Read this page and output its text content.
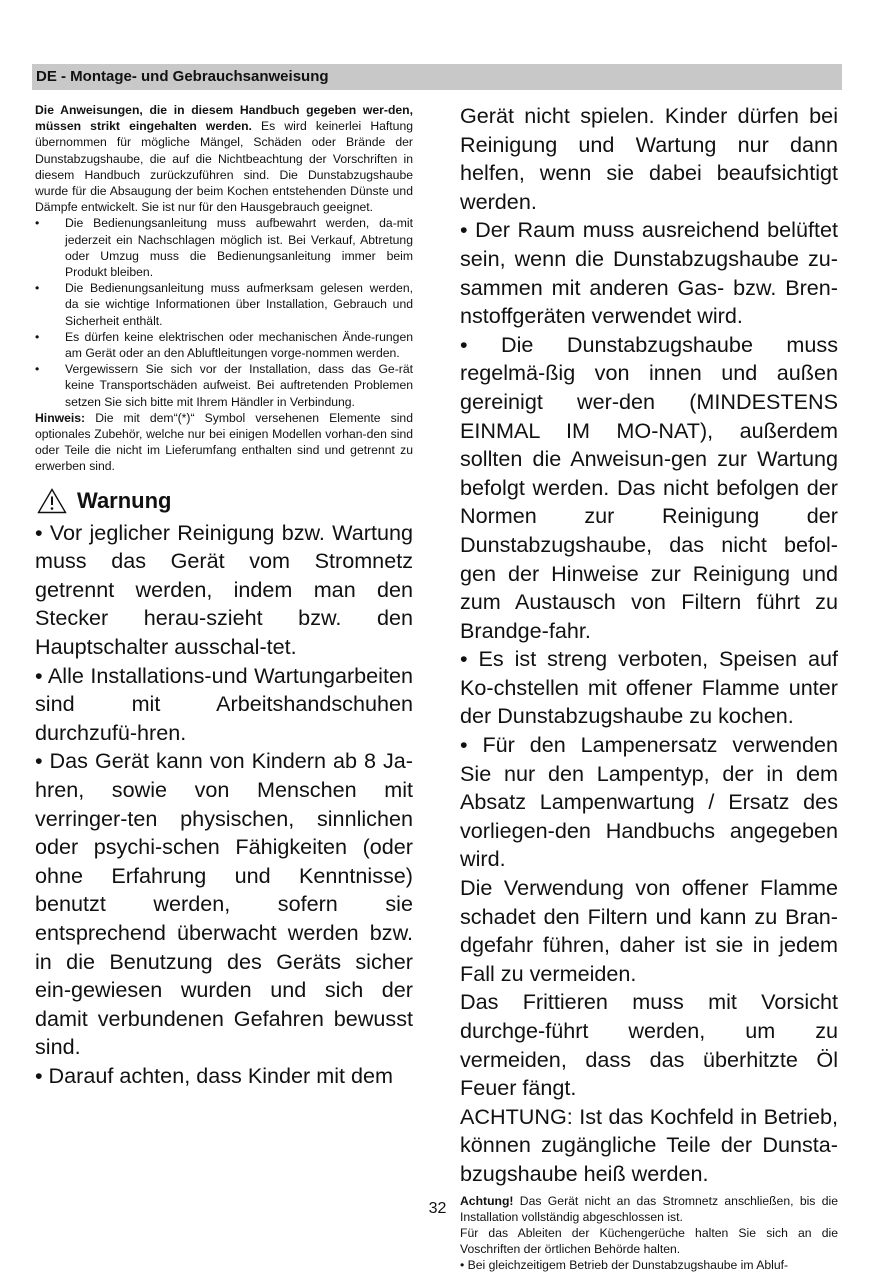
DE - Montage- und Gebrauchsanweisung

Die Anweisungen, die in diesem Handbuch gegeben wer-den, müssen strikt eingehalten werden. Es wird keinerlei Haftung übernommen für mögliche Mängel, Schäden oder Brände der Dunstabzugshaube, die auf die Nichtbeachtung der Vorschriften in diesem Handbuch zurückzuführen sind. Die Dunstabzugshaube wurde für die Absaugung der beim Kochen entstehenden Dünste und Dämpfe entwickelt. Sie ist nur für den Hausgebrauch geeignet.

• Die Bedienungsanleitung muss aufbewahrt werden, da-mit jederzeit ein Nachschlagen möglich ist. Bei Verkauf, Abtretung oder Umzug muss die Bedienungsanleitung immer beim Produkt bleiben.
• Die Bedienungsanleitung muss aufmerksam gelesen werden, da sie wichtige Informationen über Installation, Gebrauch und Sicherheit enthält.
• Es dürfen keine elektrischen oder mechanischen Ände-rungen am Gerät oder an den Abluftleitungen vorge-nommen werden.
• Vergewissern Sie sich vor der Installation, dass das Ge-rät keine Transportschäden aufweist. Bei auftretenden Problemen setzen Sie sich bitte mit Ihrem Händler in Verbindung.

Hinweis: Die mit dem“(*)“ Symbol versehenen Elemente sind optionales Zubehör, welche nur bei einigen Modellen vorhan-den sind oder Teile die nicht im Lieferumfang enthalten sind und getrennt zu erwerben sind.

Warnung

• Vor jeglicher Reinigung bzw. Wartung muss das Gerät vom Stromnetz getrennt werden, indem man den Stecker herau-szieht bzw. den Hauptschalter ausschal-tet.

• Alle Installations-und Wartungarbeiten sind mit Arbeitshandschuhen durchzufü-hren.

• Das Gerät kann von Kindern ab 8 Ja-hren, sowie von Menschen mit verringer-ten physischen, sinnlichen oder psychi-schen Fähigkeiten (oder ohne Erfahrung und Kenntnisse) benutzt werden, sofern sie entsprechend überwacht werden bzw. in die Benutzung des Geräts sicher ein-gewiesen wurden und sich der damit verbundenen Gefahren bewusst sind.

• Darauf achten, dass Kinder mit dem

Gerät nicht spielen. Kinder dürfen bei Reinigung und Wartung nur dann helfen, wenn sie dabei beaufsichtigt werden.

• Der Raum muss ausreichend belüftet sein, wenn die Dunstabzugshaube zu-sammen mit anderen Gas- bzw. Bren-nstoffgeräten verwendet wird.

• Die Dunstabzugshaube muss regelmä-ßig von innen und außen gereinigt wer-den (MINDESTENS EINMAL IM MO-NAT), außerdem sollten die Anweisun-gen zur Wartung befolgt werden. Das nicht befolgen der Normen zur Reinigung der Dunstabzugshaube, das nicht befol-gen der Hinweise zur Reinigung und zum Austausch von Filtern führt zu Brandge-fahr.

• Es ist streng verboten, Speisen auf Ko-chstellen mit offener Flamme unter der Dunstabzugshaube zu kochen.

• Für den Lampenersatz verwenden Sie nur den Lampentyp, der in dem Absatz Lampenwartung / Ersatz des vorliegen-den Handbuchs angegeben wird.

Die Verwendung von offener Flamme schadet den Filtern und kann zu Bran-dgefahr führen, daher ist sie in jedem Fall zu vermeiden.

Das Frittieren muss mit Vorsicht durchge-führt werden, um zu vermeiden, dass das überhitzte Öl Feuer fängt.

ACHTUNG: Ist das Kochfeld in Betrieb, können zugängliche Teile der Dunsta-bzugshaube heiß werden.

Achtung! Das Gerät nicht an das Stromnetz anschließen, bis die Installation vollständig abgeschlossen ist.

Für das Ableiten der Küchengerüche halten Sie sich an die Voschriften der örtlichen Behörde halten.

• Bei gleichzeitigem Betrieb der Dunstabzugshaube im Abluf-

32
